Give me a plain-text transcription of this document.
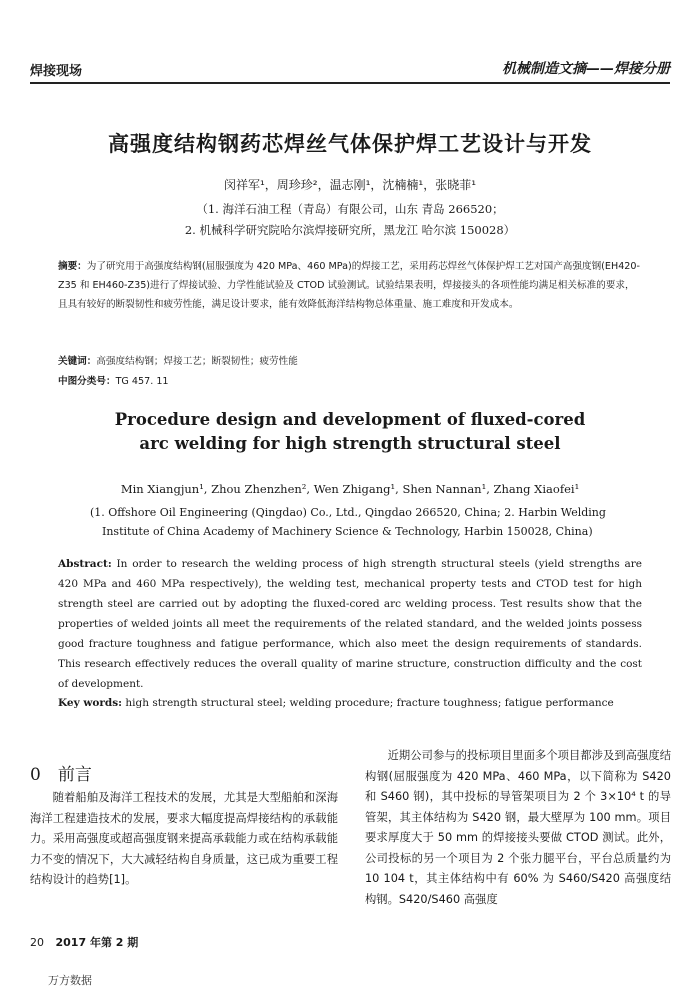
焊接现场	机械制造文摘——焊接分册
高强度结构钢药芯焊丝气体保护焊工艺设计与开发
闵祥军¹，周珍珍²，温志刚¹，沈楠楠¹，张晓菲¹
（1. 海洋石油工程（青岛）有限公司，山东 青岛 266520；
2. 机械科学研究院哈尔滨焊接研究所，黑龙江 哈尔滨 150028）
摘要：为了研究用于高强度结构钢(屈服强度为 420 MPa、460 MPa)的焊接工艺，采用药芯焊丝气体保护焊工艺对国产高强度钢(EH420-Z35 和 EH460-Z35)进行了焊接试验、力学性能试验及 CTOD 试验测试。试验结果表明，焊接接头的各项性能均满足相关标准的要求，且具有较好的断裂韧性和疲劳性能，满足设计要求，能有效降低海洋结构物总体重量、施工难度和开发成本。
关键词：高强度结构钢；焊接工艺；断裂韧性；疲劳性能
中图分类号：TG 457. 11
Procedure design and development of fluxed-cored
arc welding for high strength structural steel
Min Xiangjun¹, Zhou Zhenzhen², Wen Zhigang¹, Shen Nannan¹, Zhang Xiaofei¹
(1. Offshore Oil Engineering (Qingdao) Co., Ltd., Qingdao 266520, China; 2. Harbin Welding
Institute of China Academy of Machinery Science & Technology, Harbin 150028, China)
Abstract: In order to research the welding process of high strength structural steels (yield strengths are 420 MPa and 460 MPa respectively), the welding test, mechanical property tests and CTOD test for high strength steel are carried out by adopting the fluxed-cored arc welding process. Test results show that the properties of welded joints all meet the requirements of the related standard, and the welded joints possess good fracture toughness and fatigue performance, which also meet the design requirements of standards. This research effectively reduces the overall quality of marine structure, construction difficulty and the cost of development.
Key words: high strength structural steel; welding procedure; fracture toughness; fatigue performance
0　前言
随着船舶及海洋工程技术的发展，尤其是大型船舶和深海海洋工程建造技术的发展，要求大幅度提高焊接结构的承载能力。采用高强度或超高强度钢来提高承载能力或在结构承载能力不变的情况下，大大减轻结构自身质量，这已成为重要工程结构设计的趋势[1]。
近期公司参与的投标项目里面多个项目都涉及到高强度结构钢(屈服强度为 420 MPa、460 MPa，以下简称为 S420 和 S460 钢)，其中投标的导管架项目为 2 个 3×10⁴ t 的导管架，其主体结构为 S420 钢，最大壁厚为 100 mm。项目要求厚度大于 50 mm 的焊接接头要做 CTOD 测试。此外，公司投标的另一个项目为 2 个张力腿平台，平台总质量约为 10 104 t，其主体结构中有 60% 为 S460/S420 高强度结构钢。S420/S460 高强度
20 2017 年第 2 期
万方数据
